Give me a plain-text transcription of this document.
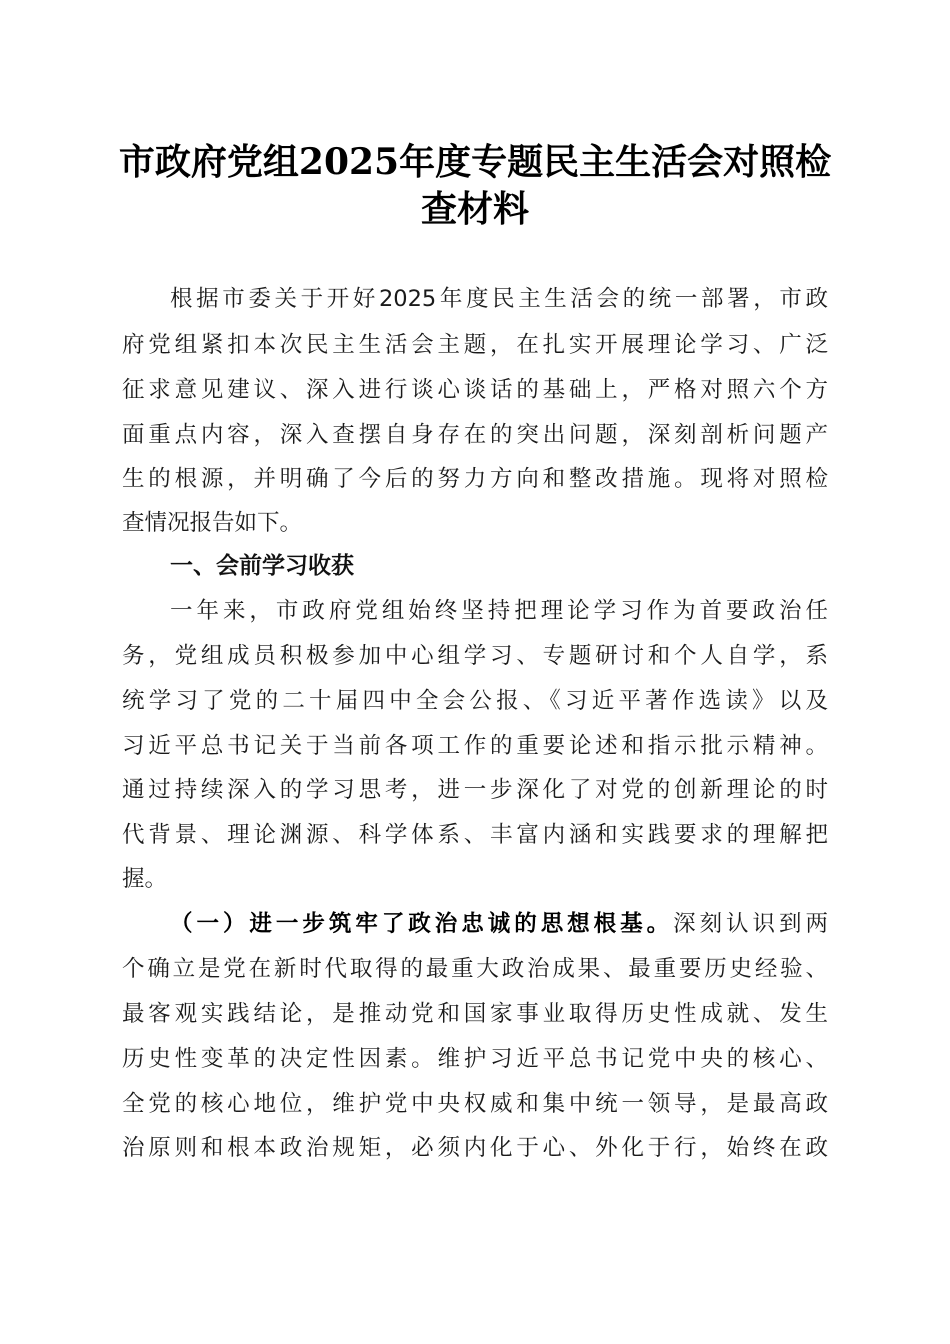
市政府党组2025年度专题民主生活会对照检
查材料
根据市委关于开好2025年度民主生活会的统一部署，市政
府党组紧扣本次民主生活会主题，在扎实开展理论学习、广泛
征求意见建议、深入进行谈心谈话的基础上，严格对照六个方
面重点内容，深入查摆自身存在的突出问题，深刻剖析问题产
生的根源，并明确了今后的努力方向和整改措施。现将对照检
查情况报告如下。
一、会前学习收获
一年来，市政府党组始终坚持把理论学习作为首要政治任
务，党组成员积极参加中心组学习、专题研讨和个人自学，系
统学习了党的二十届四中全会公报、《习近平著作选读》以及
习近平总书记关于当前各项工作的重要论述和指示批示精神。
通过持续深入的学习思考，进一步深化了对党的创新理论的时
代背景、理论渊源、科学体系、丰富内涵和实践要求的理解把
握。
（一）进一步筑牢了政治忠诚的思想根基。深刻认识到两
个确立是党在新时代取得的最重大政治成果、最重要历史经验、
最客观实践结论，是推动党和国家事业取得历史性成就、发生
历史性变革的决定性因素。维护习近平总书记党中央的核心、
全党的核心地位，维护党中央权威和集中统一领导，是最高政
治原则和根本政治规矩，必须内化于心、外化于行，始终在政
